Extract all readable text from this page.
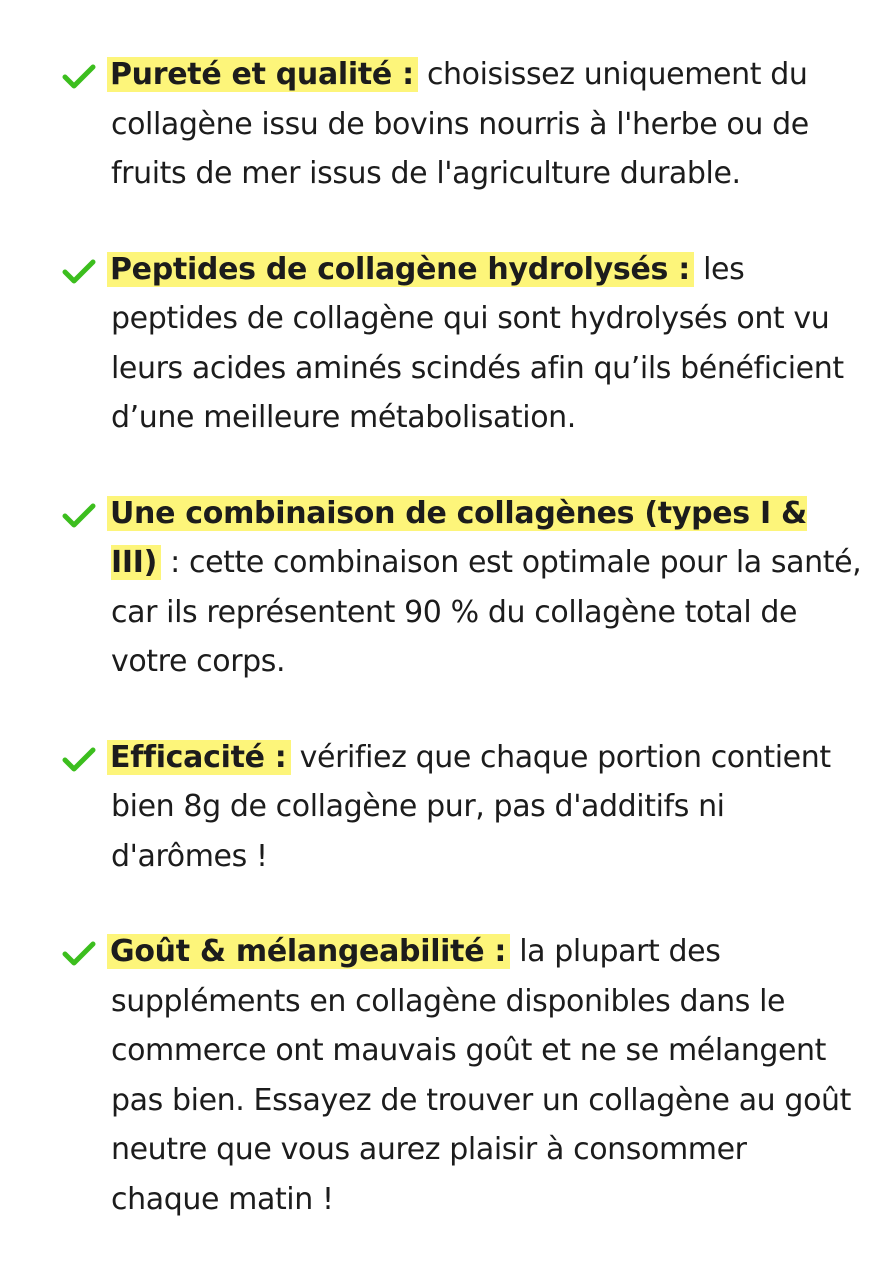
Pureté et qualité : choisissez uniquement du collagène issu de bovins nourris à l'herbe ou de fruits de mer issus de l'agriculture durable.
Peptides de collagène hydrolysés : les peptides de collagène qui sont hydrolysés ont vu leurs acides aminés scindés afin qu’ils bénéficient d’une meilleure métabolisation.
Une combinaison de collagènes (types I & III) : cette combinaison est optimale pour la santé, car ils représentent 90 % du collagène total de votre corps.
Efficacité : vérifiez que chaque portion contient bien 8g de collagène pur, pas d'additifs ni d'arômes !
Goût & mélangeabilité : la plupart des suppléments en collagène disponibles dans le commerce ont mauvais goût et ne se mélangent pas bien. Essayez de trouver un collagène au goût neutre que vous aurez plaisir à consommer chaque matin !
